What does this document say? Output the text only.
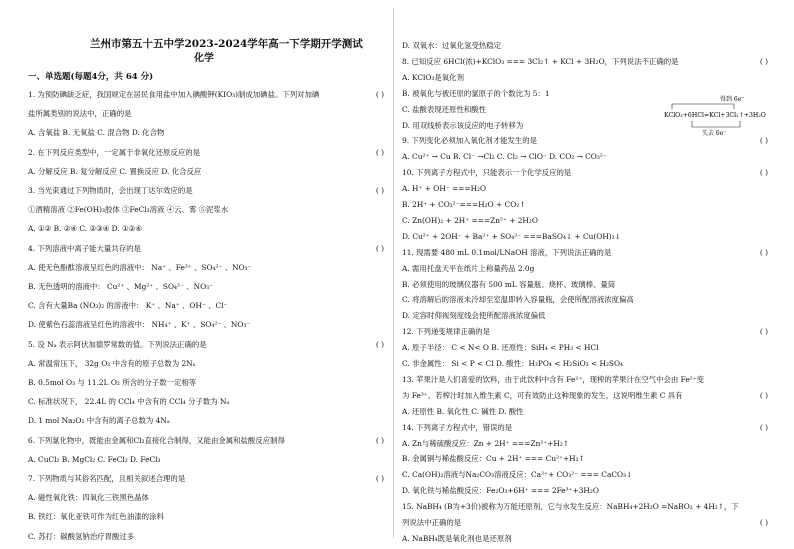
兰州市第五十五中学2023-2024学年高一下学期开学测试
化学
一、单选题(每题4分，共 64 分)
1. 为预防碘缺乏症，我国规定在居民食用盐中加入碘酸钾(KIO₃)制成加碘盐。下列对加碘	( )
盐所属类别的说法中，正确的是
A. 含氧盐 B. 无氧盐 C. 混合物 D. 化合物
2. 在下列反应类型中，一定属于非氧化还原反应的是	( )
A. 分解反应 B. 复分解反应 C. 置换反应 D. 化合反应
3. 当光束通过下列物质时，会出现丁达尔效应的是	( )
①酒精溶液 ②Fe(OH)₃胶体 ③FeCl₃溶液 ④云、雾 ⑤泥浆水
A. ①② B. ②④ C. ②③④ D. ①②④
4. 下列溶液中离子能大量共存的是	( )
A. 使无色酚酞溶液呈红色的溶液中： Na⁺ 、Fe³⁺ 、SO₄²⁻ 、NO₃⁻
B. 无色透明的溶液中： Cu²⁺ 、Mg²⁺ 、SO₄²⁻ 、NO₃⁻
C. 含有大量Ba (NO₃)₂ 的溶液中： K⁺ 、Na⁺ 、OH⁻ 、Cl⁻
D. 使紫色石蕊溶液呈红色的溶液中： NH₄⁺ 、K⁺ 、SO₄²⁻ 、NO₃⁻
5. 设 Nₐ 表示阿伏加德罗常数的值。下列说法正确的是	( )
A. 常温常压下， 32g O₂ 中含有的原子总数为 2Nₐ
B. 0.5mol O₃ 与 11.2L O₂ 所含的分子数一定相等
C. 标准状况下， 22.4L 的 CCl₄ 中含有的 CCl₄ 分子数为 Nₐ
D. 1 mol Na₂O₂ 中含有的离子总数为 4Nₐ
6. 下列氯化物中，既能由金属和Cl₂直接化合制得，又能由金属和盐酸反应制得	( )
A. CuCl₂ B. MgCl₂ C. FeCl₂ D. FeCl₃
7. 下列物质与其俗名匹配，且相关叙述合理的是	( )
A. 磁性氧化铁：四氧化三铁黑色晶体
B. 铁红：氧化亚铁可作为红色油漆的涂料
C. 苏打：碳酸氢钠治疗胃酸过多
D. 双氧水：过氧化氢受热稳定
8. 已知反应 6HCl(浓)+KClO₃ === 3Cl₂↑ + KCl + 3H₂O，下列说法不正确的是	( )
A. KClO₃是氧化剂
B. 被氧化与被还原的氯原子的个数比为 5：1
C. 盐酸表现还原性和酸性
D. 用双线桥表示该反应的电子转移为
9. 下列变化必须加入氧化剂才能发生的是	( )
A. Cu²⁺ → Cu B. Cl⁻ →Cl₂ C. Cl₂ → ClO⁻ D. CO₂ → CO₃²⁻
10. 下列离子方程式中，只能表示一个化学反应的是	( )
A. H⁺ + OH⁻ ===H₂O
B. 2H⁺ + CO₃²⁻===H₂O + CO₂↑
C. Zn(OH)₂ + 2H⁺ ===Zn²⁺ + 2H₂O
D. Cu²⁺ + 2OH⁻ + Ba²⁺ + SO₄²⁻ ===BaSO₄↓ + Cu(OH)₂↓
11. 现需要 480 mL 0.1mol/LNaOH 溶液，下列说法正确的是	( )
A. 需用托盘天平在纸片上称量药品 2.0g
B. 必须使用的玻璃仪器有 500 mL 容量瓶、烧杯、玻璃棒、量筒
C. 将溶解后的溶液未冷却至室温即转入容量瓶，会使所配溶液浓度偏高
D. 定容时仰视刻度线会使所配溶液浓度偏低
12. 下列递变规律正确的是	( )
A. 原子半径： C < N< O B. 还原性：SiH₄ < PH₃ < HCl
C. 非金属性： Si < P < Cl D. 酸性：H₃PO₄ < H₂SiO₃ < H₂SO₄
13. 苹果汁是人们喜爱的饮料，由于此饮料中含有 Fe²⁺，现榨的苹果汁在空气中会由 Fe²⁺变
为 Fe³⁺。若榨汁时加入维生素 C，可有效防止这种现象的发生，这说明维生素 C 具有	( )
A. 还原性 B. 氧化性 C. 碱性 D. 酸性
14. 下列离子方程式中，错误的是	( )
A. Zn与稀硫酸反应：Zn + 2H⁺ ===Zn²⁺+H₂↑
B. 金属铜与稀盐酸反应：Cu + 2H⁺ === Cu²⁺+H₂↑
C. Ca(OH)₂溶液与Na₂CO₃溶液反应：Ca²⁺+ CO₃²⁻ === CaCO₃↓
D. 氧化铁与稀盐酸反应：Fe₂O₃+6H⁺ === 2Fe³⁺+3H₂O
15. NaBH₄ (B为+3价)被称为万能还原剂，它与水发生反应：NaBH₄+2H₂O =NaBO₂ + 4H₂↑，下
列说法中正确的是	( )
A. NaBH₄既是氧化剂也是还原剂
得到 6e⁻
KClO₃+6HCl=KCl+3Cl₂↑+3H₂O
失去 6e⁻
